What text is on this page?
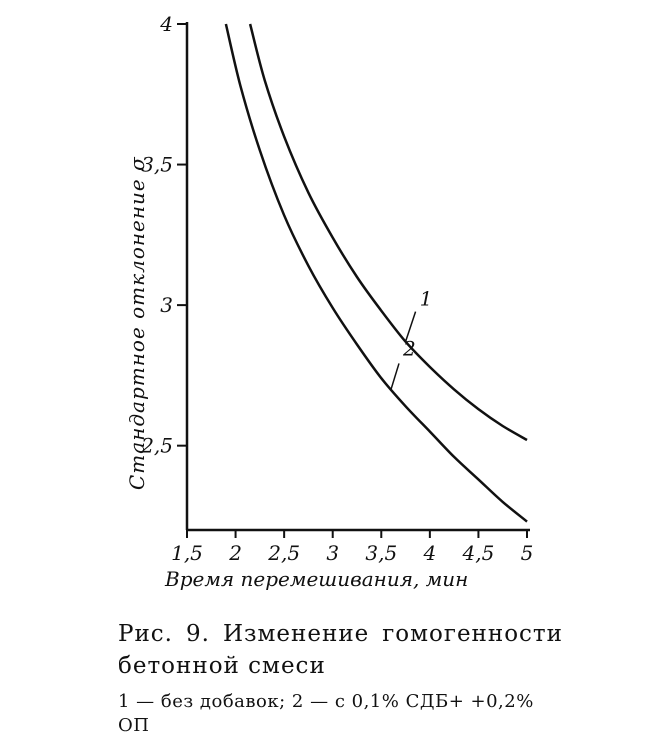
1,5 2 2,5 3 3,5 4 4,5 5
2,5
3
3,5
4
1
2
Время перемешивания, мин
Стандартное отклонение σ
Рис. 9. Изменение гомогенности бетонной смеси
1 — без добавок; 2 — с 0,1% СДБ+ +0,2% ОП
